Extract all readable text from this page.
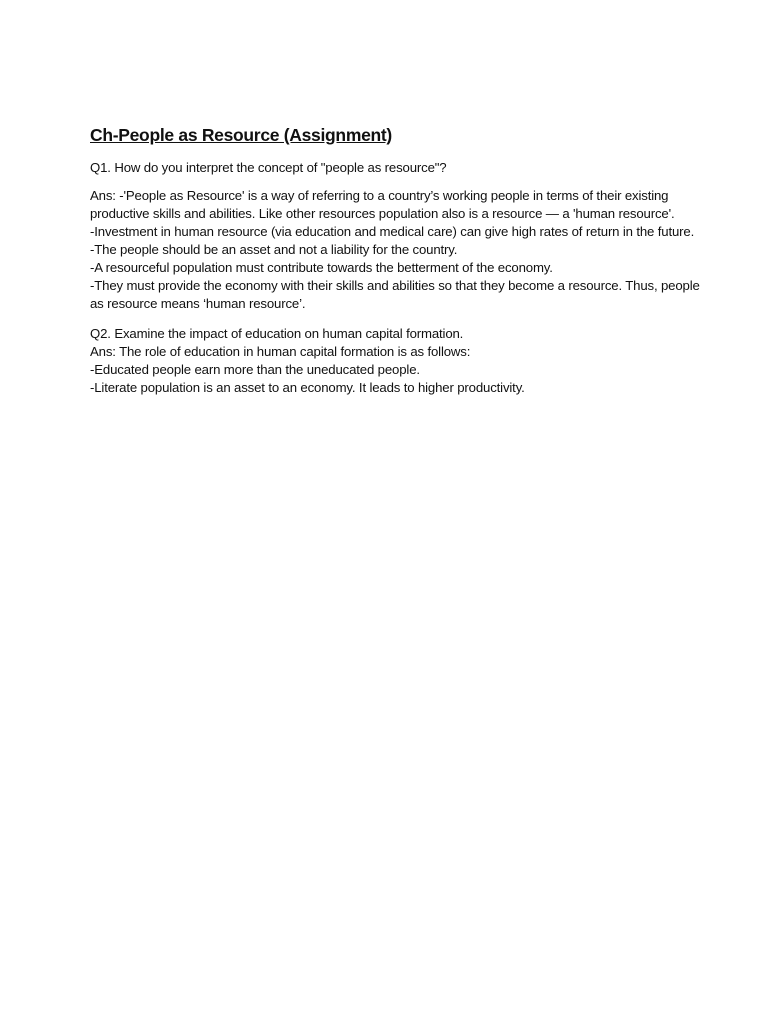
Ch-People as Resource (Assignment)
Q1. How do you interpret the concept of "people as resource"?
Ans: -'People as Resource' is a way of referring to a country’s working people in terms of their existing
productive skills and abilities. Like other resources population also is a resource — a 'human resource'.
-Investment in human resource (via education and medical care) can give high rates of return in the future.
-The people should be an asset and not a liability for the country.
-A resourceful population must contribute towards the betterment of the economy.
-They must provide the economy with their skills and abilities so that they become a resource. Thus, people
as resource means ‘human resource’.
Q2. Examine the impact of education on human capital formation.
Ans: The role of education in human capital formation is as follows:
-Educated people earn more than the uneducated people.
-Literate population is an asset to an economy. It leads to higher productivity.
